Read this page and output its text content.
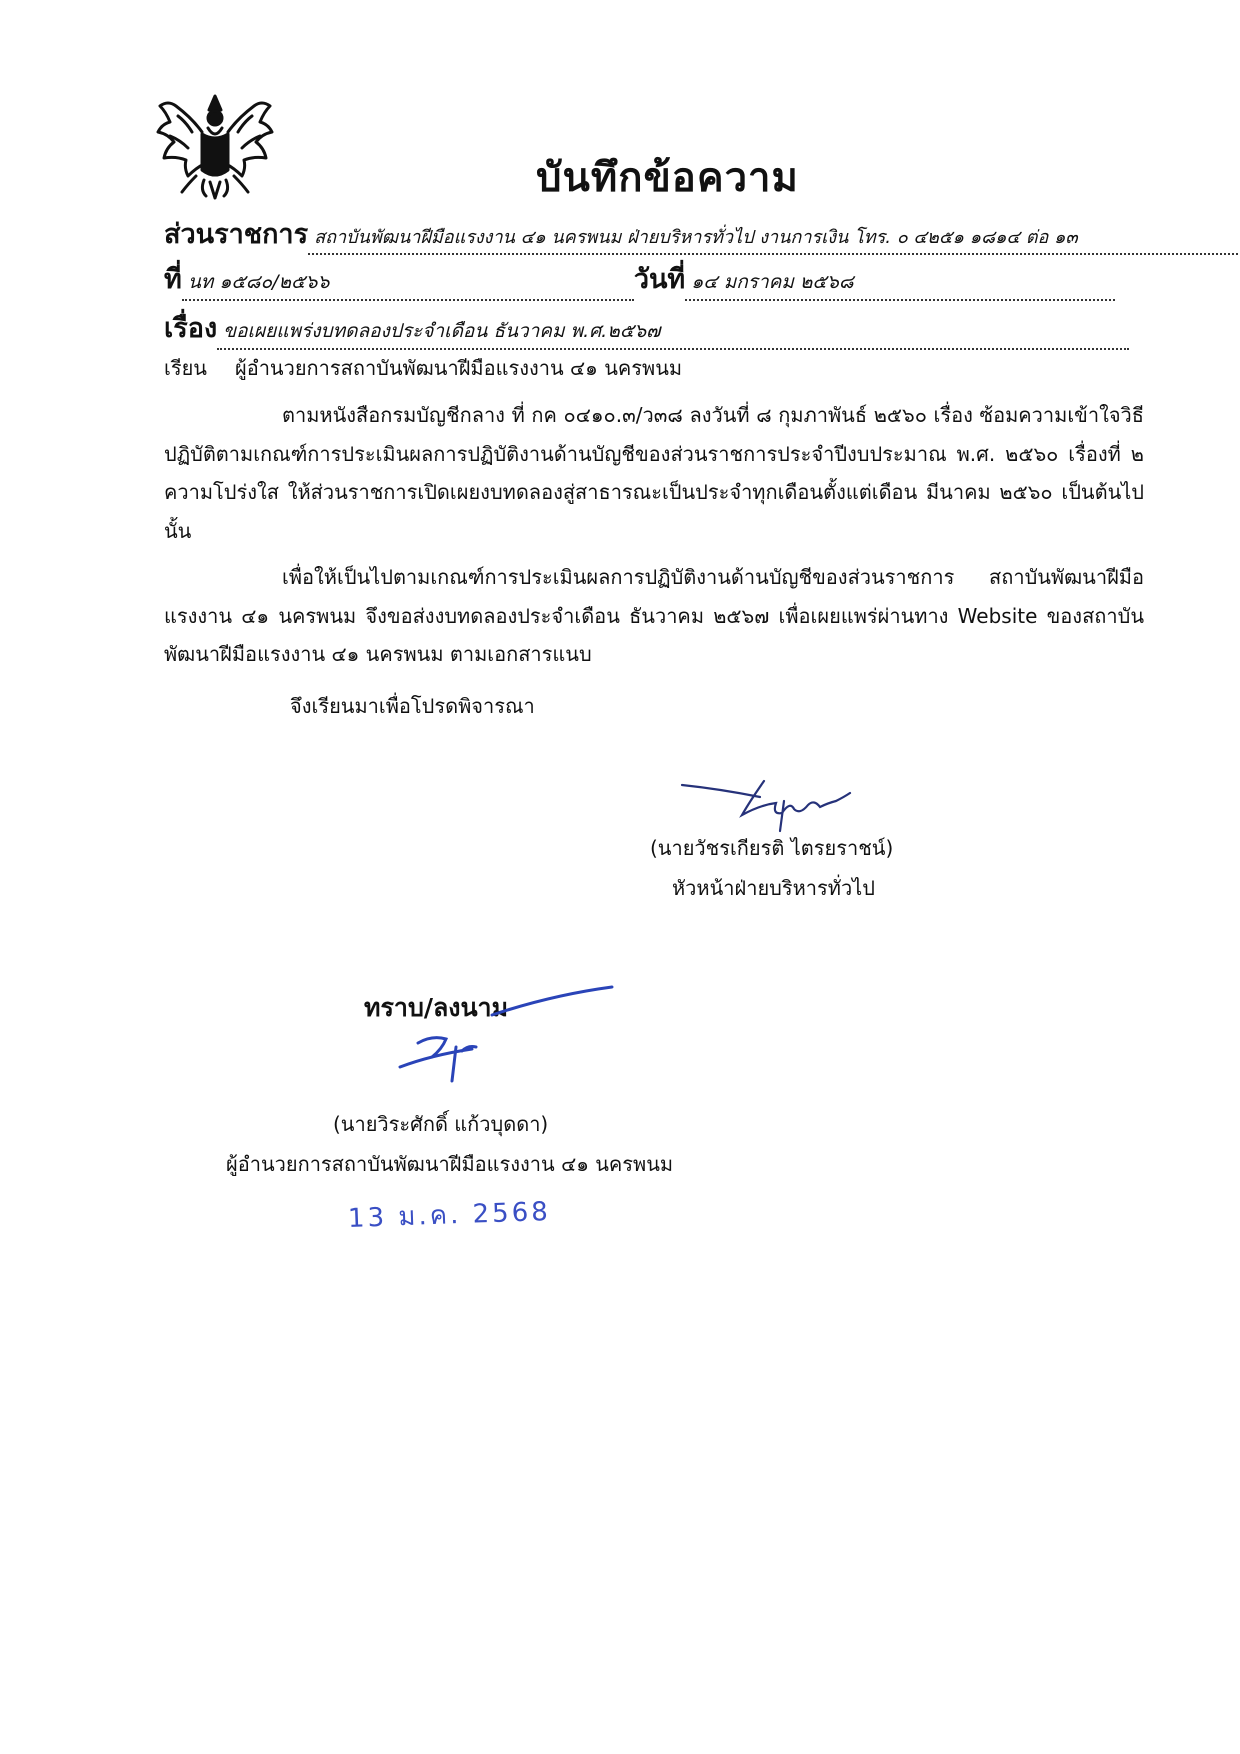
บันทึกข้อความ
ส่วนราชการ สถาบันพัฒนาฝีมือแรงงาน ๔๑ นครพนม ฝ่ายบริหารทั่วไป งานการเงิน โทร. ๐ ๔๒๕๑ ๑๘๑๔ ต่อ ๑๓
ที่ นท ๑๕๘๐/๒๕๖๖	วันที่ ๑๔ มกราคม ๒๕๖๘
เรื่อง ขอเผยแพร่งบทดลองประจำเดือน ธันวาคม พ.ศ.๒๕๖๗
เรียน ผู้อำนวยการสถาบันพัฒนาฝีมือแรงงาน ๔๑ นครพนม
ตามหนังสือกรมบัญชีกลาง ที่ กค ๐๔๑๐.๓/ว๓๘ ลงวันที่ ๘ กุมภาพันธ์ ๒๕๖๐ เรื่อง ซ้อมความเข้าใจวิธีปฏิบัติตามเกณฑ์การประเมินผลการปฏิบัติงานด้านบัญชีของส่วนราชการประจำปีงบประมาณ พ.ศ. ๒๕๖๐ เรื่องที่ ๒ ความโปร่งใส ให้ส่วนราชการเปิดเผยงบทดลองสู่สาธารณะเป็นประจำทุกเดือนตั้งแต่เดือน มีนาคม ๒๕๖๐ เป็นต้นไป นั้น
เพื่อให้เป็นไปตามเกณฑ์การประเมินผลการปฏิบัติงานด้านบัญชีของส่วนราชการ สถาบันพัฒนาฝีมือแรงงาน ๔๑ นครพนม จึงขอส่งงบทดลองประจำเดือน ธันวาคม ๒๕๖๗ เพื่อเผยแพร่ผ่านทาง Website ของสถาบันพัฒนาฝีมือแรงงาน ๔๑ นครพนม ตามเอกสารแนบ
จึงเรียนมาเพื่อโปรดพิจารณา
(นายวัชรเกียรติ ไตรยราชน์)
หัวหน้าฝ่ายบริหารทั่วไป
ทราบ/ลงนาม
(นายวิระศักดิ์ แก้วบุดดา)
ผู้อำนวยการสถาบันพัฒนาฝีมือแรงงาน ๔๑ นครพนม
13 ม.ค. 2568
